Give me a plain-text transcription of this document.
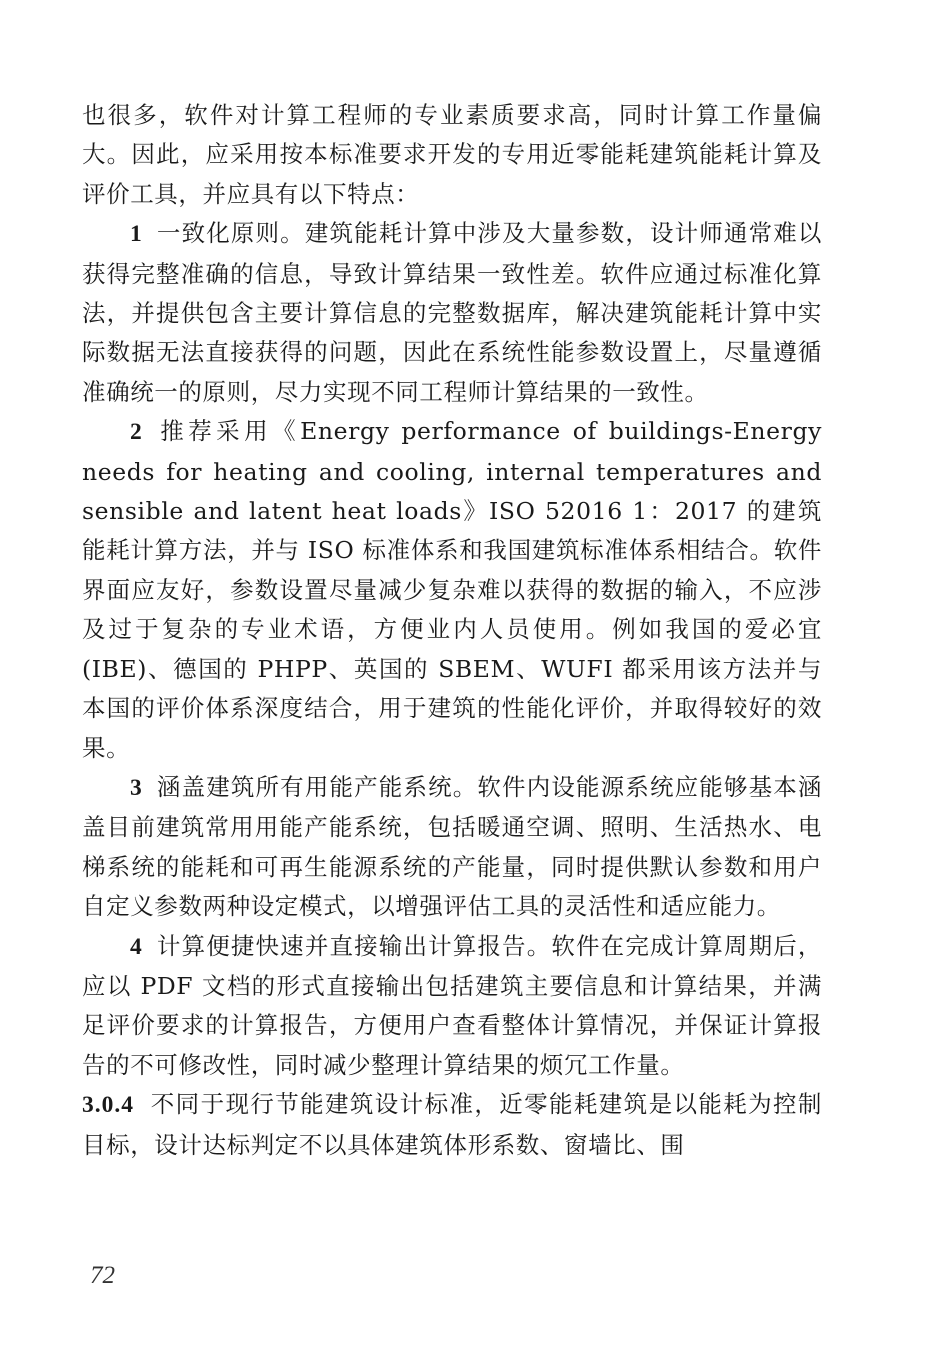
也很多，软件对计算工程师的专业素质要求高，同时计算工作量偏大。因此，应采用按本标准要求开发的专用近零能耗建筑能耗计算及评价工具，并应具有以下特点：

1 一致化原则。建筑能耗计算中涉及大量参数，设计师通常难以获得完整准确的信息，导致计算结果一致性差。软件应通过标准化算法，并提供包含主要计算信息的完整数据库，解决建筑能耗计算中实际数据无法直接获得的问题，因此在系统性能参数设置上，尽量遵循准确统一的原则，尽力实现不同工程师计算结果的一致性。

2 推荐采用《Energy performance of buildings-Energy needs for heating and cooling, internal temperatures and sensible and latent heat loads》ISO 52016 1：2017 的建筑能耗计算方法，并与 ISO 标准体系和我国建筑标准体系相结合。软件界面应友好，参数设置尽量减少复杂难以获得的数据的输入，不应涉及过于复杂的专业术语，方便业内人员使用。例如我国的爱必宜(IBE)、德国的 PHPP、英国的 SBEM、WUFI 都采用该方法并与本国的评价体系深度结合，用于建筑的性能化评价，并取得较好的效果。

3 涵盖建筑所有用能产能系统。软件内设能源系统应能够基本涵盖目前建筑常用用能产能系统，包括暖通空调、照明、生活热水、电梯系统的能耗和可再生能源系统的产能量，同时提供默认参数和用户自定义参数两种设定模式，以增强评估工具的灵活性和适应能力。

4 计算便捷快速并直接输出计算报告。软件在完成计算周期后，应以 PDF 文档的形式直接输出包括建筑主要信息和计算结果，并满足评价要求的计算报告，方便用户查看整体计算情况，并保证计算报告的不可修改性，同时减少整理计算结果的烦冗工作量。

3.0.4 不同于现行节能建筑设计标准，近零能耗建筑是以能耗为控制目标，设计达标判定不以具体建筑体形系数、窗墙比、围

72
